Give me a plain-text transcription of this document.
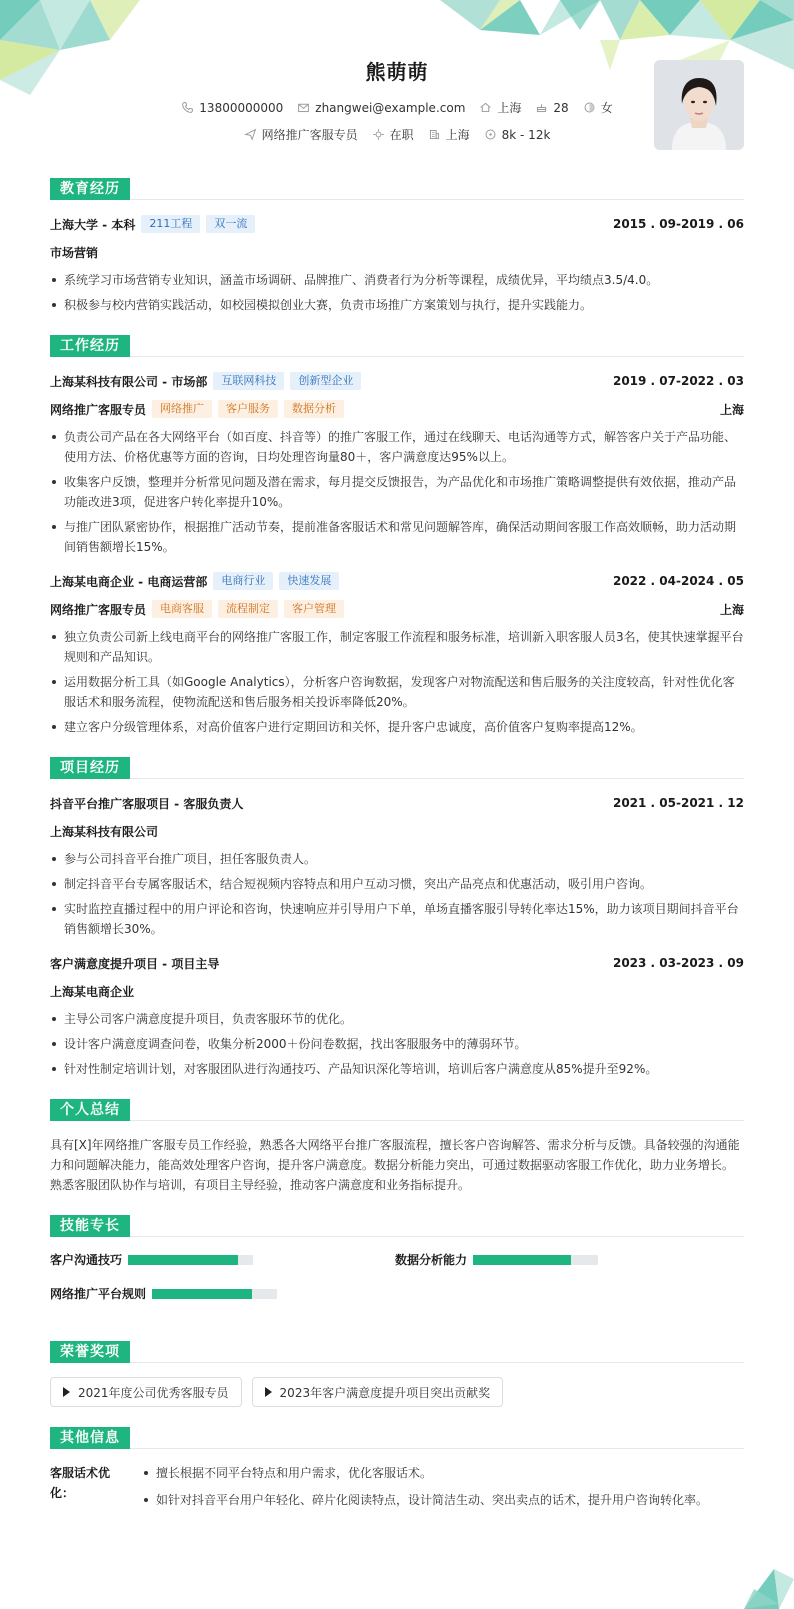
熊萌萌
13800000000	zhangwei@example.com	上海	28	女
网络推广客服专员	在职	上海	8k - 12k
教育经历
上海大学 - 本科	211工程	双一流	2015 . 09-2019 . 06
市场营销
系统学习市场营销专业知识，涵盖市场调研、品牌推广、消费者行为分析等课程，成绩优异，平均绩点3.5/4.0。
积极参与校内营销实践活动，如校园模拟创业大赛，负责市场推广方案策划与执行，提升实践能力。
工作经历
上海某科技有限公司 - 市场部	互联网科技	创新型企业	2019 . 07-2022 . 03
网络推广客服专员	网络推广	客户服务	数据分析	上海
负责公司产品在各大网络平台（如百度、抖音等）的推广客服工作，通过在线聊天、电话沟通等方式，解答客户关于产品功能、使用方法、价格优惠等方面的咨询，日均处理咨询量80＋，客户满意度达95%以上。
收集客户反馈，整理并分析常见问题及潜在需求，每月提交反馈报告，为产品优化和市场推广策略调整提供有效依据，推动产品功能改进3项，促进客户转化率提升10%。
与推广团队紧密协作，根据推广活动节奏，提前准备客服话术和常见问题解答库，确保活动期间客服工作高效顺畅，助力活动期间销售额增长15%。
上海某电商企业 - 电商运营部	电商行业	快速发展	2022 . 04-2024 . 05
网络推广客服专员	电商客服	流程制定	客户管理	上海
独立负责公司新上线电商平台的网络推广客服工作，制定客服工作流程和服务标准，培训新入职客服人员3名，使其快速掌握平台规则和产品知识。
运用数据分析工具（如Google Analytics），分析客户咨询数据，发现客户对物流配送和售后服务的关注度较高，针对性优化客服话术和服务流程，使物流配送和售后服务相关投诉率降低20%。
建立客户分级管理体系，对高价值客户进行定期回访和关怀，提升客户忠诚度，高价值客户复购率提高12%。
项目经历
抖音平台推广客服项目 - 客服负责人	2021 . 05-2021 . 12
上海某科技有限公司
参与公司抖音平台推广项目，担任客服负责人。
制定抖音平台专属客服话术，结合短视频内容特点和用户互动习惯，突出产品亮点和优惠活动，吸引用户咨询。
实时监控直播过程中的用户评论和咨询，快速响应并引导用户下单，单场直播客服引导转化率达15%，助力该项目期间抖音平台销售额增长30%。
客户满意度提升项目 - 项目主导	2023 . 03-2023 . 09
上海某电商企业
主导公司客户满意度提升项目，负责客服环节的优化。
设计客户满意度调查问卷，收集分析2000＋份问卷数据，找出客服服务中的薄弱环节。
针对性制定培训计划，对客服团队进行沟通技巧、产品知识深化等培训，培训后客户满意度从85%提升至92%。
个人总结

具有[X]年网络推广客服专员工作经验，熟悉各大网络平台推广客服流程，擅长客户咨询解答、需求分析与反馈。具备较强的沟通能力和问题解决能力，能高效处理客户咨询，提升客户满意度。数据分析能力突出，可通过数据驱动客服工作优化，助力业务增长。熟悉客服团队协作与培训，有项目主导经验，推动客户满意度和业务指标提升。

技能专长
客户沟通技巧	数据分析能力
网络推广平台规则
荣誉奖项
2021年度公司优秀客服专员	2023年客户满意度提升项目突出贡献奖
其他信息
客服话术优化：
擅长根据不同平台特点和用户需求，优化客服话术。
如针对抖音平台用户年轻化、碎片化阅读特点，设计简洁生动、突出卖点的话术，提升用户咨询转化率。
